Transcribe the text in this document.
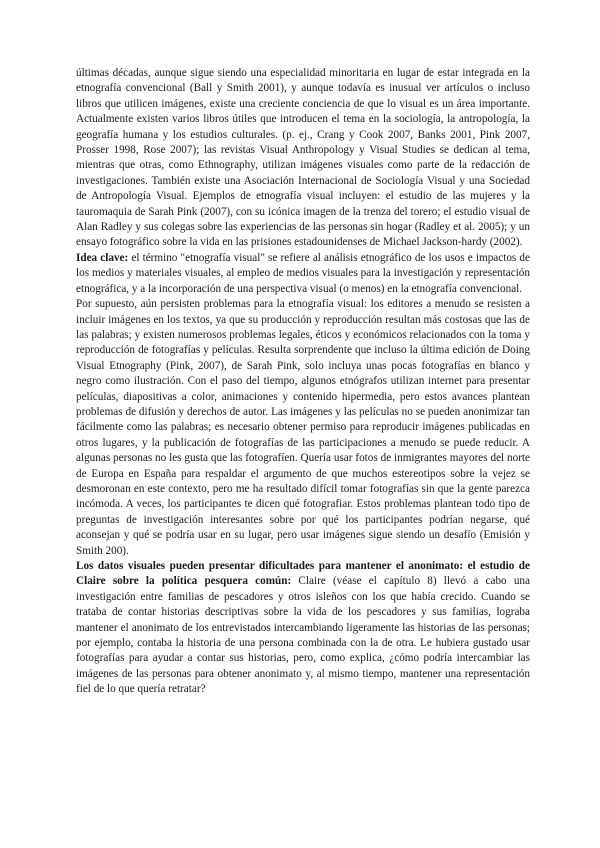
últimas décadas, aunque sigue siendo una especialidad minoritaria en lugar de estar integrada en la etnografía convencional (Ball y Smith 2001), y aunque todavía es inusual ver artículos o incluso libros que utilicen imágenes, existe una creciente conciencia de que lo visual es un área importante. Actualmente existen varios libros útiles que introducen el tema en la sociología, la antropología, la geografía humana y los estudios culturales. (p. ej., Crang y Cook 2007, Banks 2001, Pink 2007, Prosser 1998, Rose 2007); las revistas Visual Anthropology y Visual Studies se dedican al tema, mientras que otras, como Ethnography, utilizan imágenes visuales como parte de la redacción de investigaciones. También existe una Asociación Internacional de Sociología Visual y una Sociedad de Antropología Visual. Ejemplos de etnografía visual incluyen: el estudio de las mujeres y la tauromaquia de Sarah Pink (2007), con su icónica imagen de la trenza del torero; el estudio visual de Alan Radley y sus colegas sobre las experiencias de las personas sin hogar (Radley et al. 2005); y un ensayo fotográfico sobre la vida en las prisiones estadounidenses de Michael Jackson-hardy (2002).

Idea clave: el término "etnografía visual" se refiere al análisis etnográfico de los usos e impactos de los medios y materiales visuales, al empleo de medios visuales para la investigación y representación etnográfica, y a la incorporación de una perspectiva visual (o menos) en la etnografía convencional.

Por supuesto, aún persisten problemas para la etnografía visual: los editores a menudo se resisten a incluir imágenes en los textos, ya que su producción y reproducción resultan más costosas que las de las palabras; y existen numerosos problemas legales, éticos y económicos relacionados con la toma y reproducción de fotografías y películas. Resulta sorprendente que incluso la última edición de Doing Visual Etnography (Pink, 2007), de Sarah Pink, solo incluya unas pocas fotografías en blanco y negro como ilustración. Con el paso del tiempo, algunos etnógrafos utilizan internet para presentar películas, diapositivas a color, animaciones y contenido hipermedia, pero estos avances plantean problemas de difusión y derechos de autor. Las imágenes y las películas no se pueden anonimizar tan fácilmente como las palabras; es necesario obtener permiso para reproducir imágenes publicadas en otros lugares, y la publicación de fotografías de las participaciones a menudo se puede reducir. A algunas personas no les gusta que las fotografíen. Quería usar fotos de inmigrantes mayores del norte de Europa en España para respaldar el argumento de que muchos estereotipos sobre la vejez se desmoronan en este contexto, pero me ha resultado difícil tomar fotografías sin que la gente parezca incómoda. A veces, los participantes te dicen qué fotografiar. Estos problemas plantean todo tipo de preguntas de investigación interesantes sobre por qué los participantes podrían negarse, qué aconsejan y qué se podría usar en su lugar, pero usar imágenes sigue siendo un desafío (Emisión y Smith 200).

Los datos visuales pueden presentar dificultades para mantener el anonimato: el estudio de Claire sobre la política pesquera común: Claire (véase el capítulo 8) llevó a cabo una investigación entre familias de pescadores y otros isleños con los que había crecido. Cuando se trataba de contar historias descriptivas sobre la vida de los pescadores y sus familias, lograba mantener el anonimato de los entrevistados intercambiando ligeramente las historias de las personas; por ejemplo, contaba la historia de una persona combinada con la de otra. Le hubiera gustado usar fotografías para ayudar a contar sus historias, pero, como explica, ¿cómo podría intercambiar las imágenes de las personas para obtener anonimato y, al mismo tiempo, mantener una representación fiel de lo que quería retratar?
